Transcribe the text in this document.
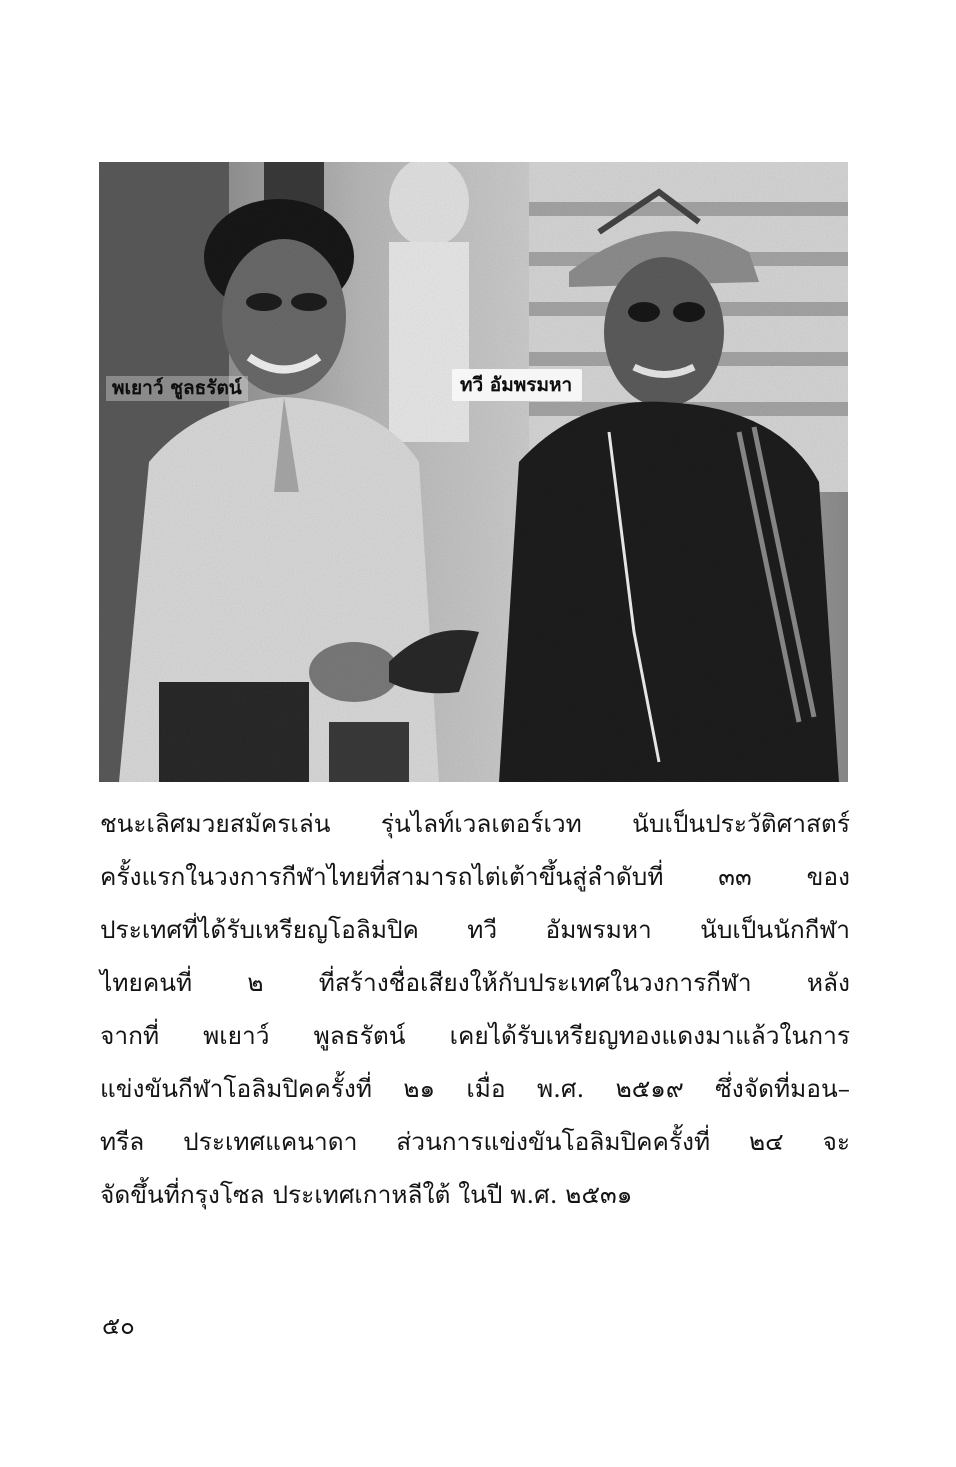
พเยาว์ ชูลธรัตน์	ทวี อัมพรมหา
ชนะเลิศมวยสมัครเล่น รุ่นไลท์เวลเตอร์เวท นับเป็นประวัติศาสตร์
ครั้งแรกในวงการกีฬาไทยที่สามารถไต่เต้าขึ้นสู่ลำดับที่ ๓๓ ของ
ประเทศที่ได้รับเหรียญโอลิมปิค ทวี อัมพรมหา นับเป็นนักกีฬา
ไทยคนที่ ๒ ที่สร้างชื่อเสียงให้กับประเทศในวงการกีฬา หลัง
จากที่ พเยาว์ พูลธรัตน์ เคยได้รับเหรียญทองแดงมาแล้วในการ
แข่งขันกีฬาโอลิมปิคครั้งที่ ๒๑ เมื่อ พ.ศ. ๒๕๑๙ ซึ่งจัดที่มอน–
ทรีล ประเทศแคนาดา ส่วนการแข่งขันโอลิมปิคครั้งที่ ๒๔ จะ
จัดขึ้นที่กรุงโซล ประเทศเกาหลีใต้ ในปี พ.ศ. ๒๕๓๑
๕๐
